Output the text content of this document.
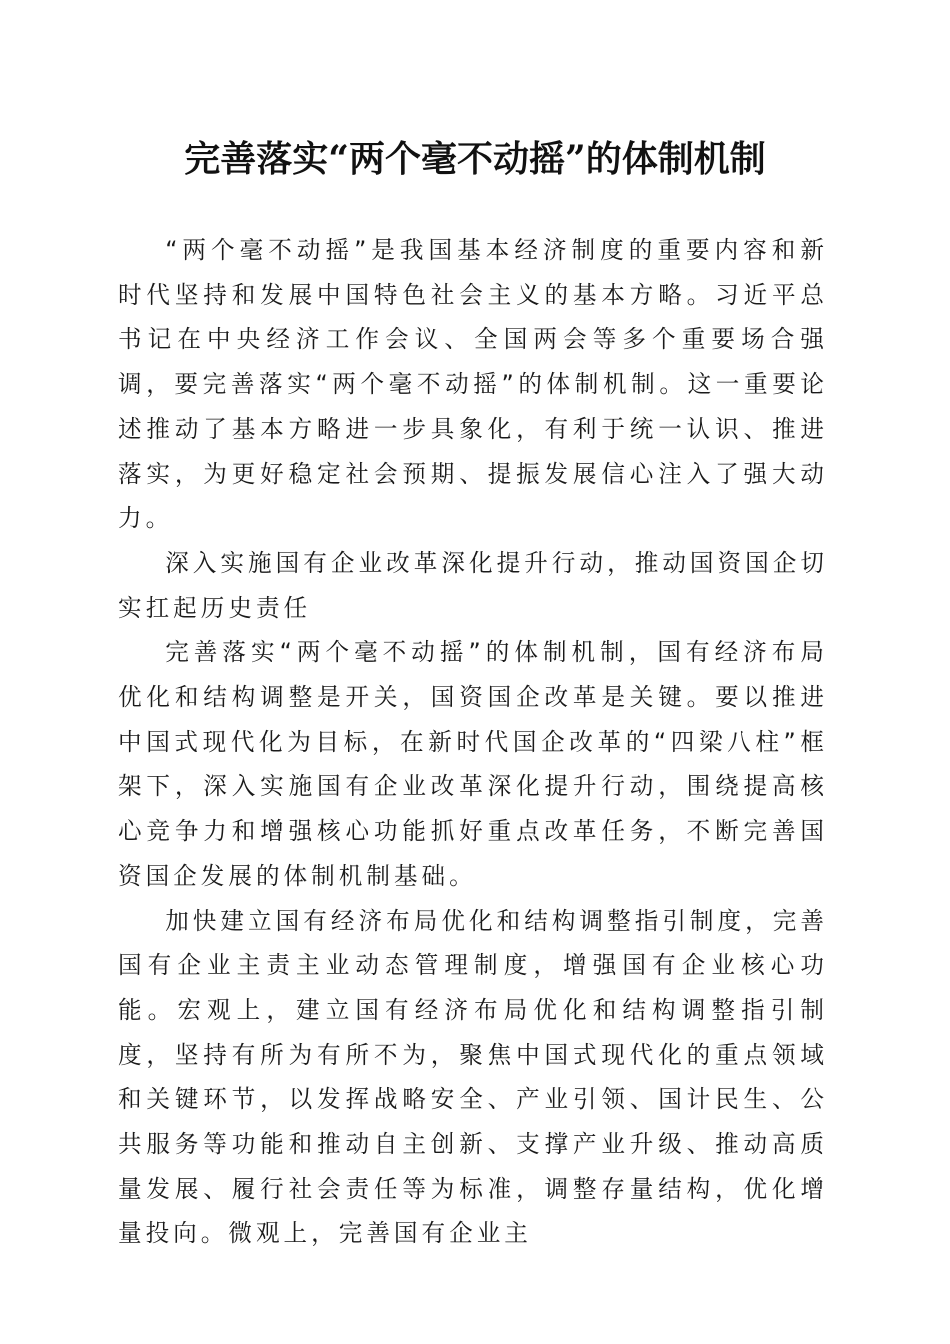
完善落实“两个毫不动摇”的体制机制

“两个毫不动摇”是我国基本经济制度的重要内容和新时代坚持和发展中国特色社会主义的基本方略。习近平总书记在中央经济工作会议、全国两会等多个重要场合强调，要完善落实“两个毫不动摇”的体制机制。这一重要论述推动了基本方略进一步具象化，有利于统一认识、推进落实，为更好稳定社会预期、提振发展信心注入了强大动力。

深入实施国有企业改革深化提升行动，推动国资国企切实扛起历史责任

完善落实“两个毫不动摇”的体制机制，国有经济布局优化和结构调整是开关，国资国企改革是关键。要以推进中国式现代化为目标，在新时代国企改革的“四梁八柱”框架下，深入实施国有企业改革深化提升行动，围绕提高核心竞争力和增强核心功能抓好重点改革任务，不断完善国资国企发展的体制机制基础。

加快建立国有经济布局优化和结构调整指引制度，完善国有企业主责主业动态管理制度，增强国有企业核心功能。宏观上，建立国有经济布局优化和结构调整指引制度，坚持有所为有所不为，聚焦中国式现代化的重点领域和关键环节，以发挥战略安全、产业引领、国计民生、公共服务等功能和推动自主创新、支撑产业升级、推动高质量发展、履行社会责任等为标准，调整存量结构，优化增量投向。微观上，完善国有企业主
